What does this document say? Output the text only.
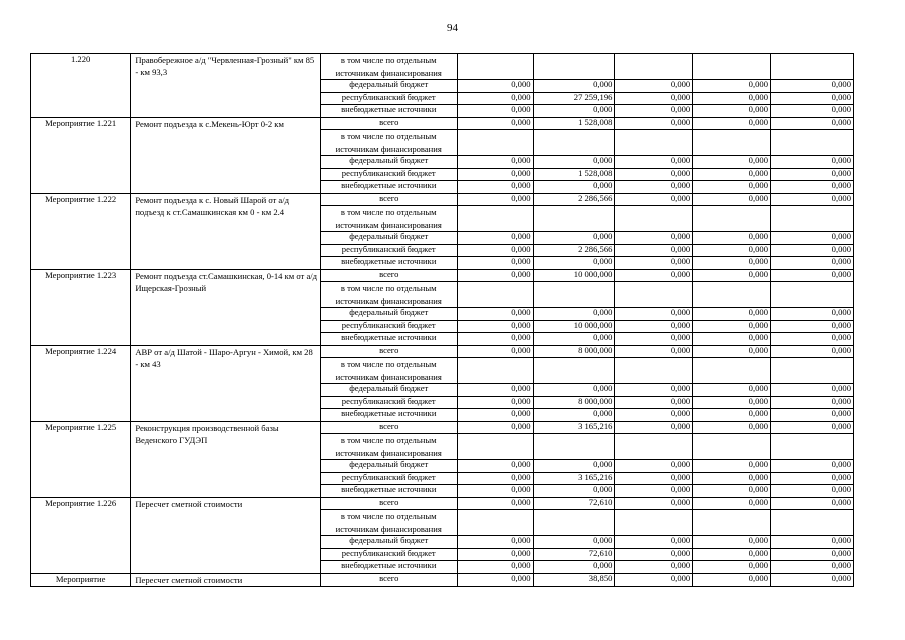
94
1.220	Правобережное а/д "Червленная-Грозный" км 85 - км 93,3	в том числе по отдельным источникам финансирования					
		федеральный бюджет	0,000	0,000	0,000	0,000	0,000
		республиканский бюджет	0,000	27 259,196	0,000	0,000	0,000
		внебюджетные источники	0,000	0,000	0,000	0,000	0,000
Мероприятие 1.221	Ремонт подъезда к с.Мекень-Юрт 0-2 км	всего	0,000	1 528,008	0,000	0,000	0,000
		в том числе по отдельным источникам финансирования					
		федеральный бюджет	0,000	0,000	0,000	0,000	0,000
		республиканский бюджет	0,000	1 528,008	0,000	0,000	0,000
		внебюджетные источники	0,000	0,000	0,000	0,000	0,000
Мероприятие 1.222	Ремонт подъезда к с. Новый Шарой от а/д подъезд к ст.Самашкинская км 0 - км 2.4	всего	0,000	2 286,566	0,000	0,000	0,000
		в том числе по отдельным источникам финансирования					
		федеральный бюджет	0,000	0,000	0,000	0,000	0,000
		республиканский бюджет	0,000	2 286,566	0,000	0,000	0,000
		внебюджетные источники	0,000	0,000	0,000	0,000	0,000
Мероприятие 1.223	Ремонт подъезда ст.Самашкинская, 0-14 км от а/д Ищерская-Грозный	всего	0,000	10 000,000	0,000	0,000	0,000
		в том числе по отдельным источникам финансирования					
		федеральный бюджет	0,000	0,000	0,000	0,000	0,000
		республиканский бюджет	0,000	10 000,000	0,000	0,000	0,000
		внебюджетные источники	0,000	0,000	0,000	0,000	0,000
Мероприятие 1.224	АВР от а/д Шатой - Шаро-Аргун - Химой, км 28 - км 43	всего	0,000	8 000,000	0,000	0,000	0,000
		в том числе по отдельным источникам финансирования					
		федеральный бюджет	0,000	0,000	0,000	0,000	0,000
		республиканский бюджет	0,000	8 000,000	0,000	0,000	0,000
		внебюджетные источники	0,000	0,000	0,000	0,000	0,000
Мероприятие 1.225	Реконструкция производственной базы Веденского ГУДЭП	всего	0,000	3 165,216	0,000	0,000	0,000
		в том числе по отдельным источникам финансирования					
		федеральный бюджет	0,000	0,000	0,000	0,000	0,000
		республиканский бюджет	0,000	3 165,216	0,000	0,000	0,000
		внебюджетные источники	0,000	0,000	0,000	0,000	0,000
Мероприятие 1.226	Пересчет сметной стоимости	всего	0,000	72,610	0,000	0,000	0,000
		в том числе по отдельным источникам финансирования					
		федеральный бюджет	0,000	0,000	0,000	0,000	0,000
		республиканский бюджет	0,000	72,610	0,000	0,000	0,000
		внебюджетные источники	0,000	0,000	0,000	0,000	0,000
Мероприятие	Пересчет сметной стоимости	всего	0,000	38,850	0,000	0,000	0,000
